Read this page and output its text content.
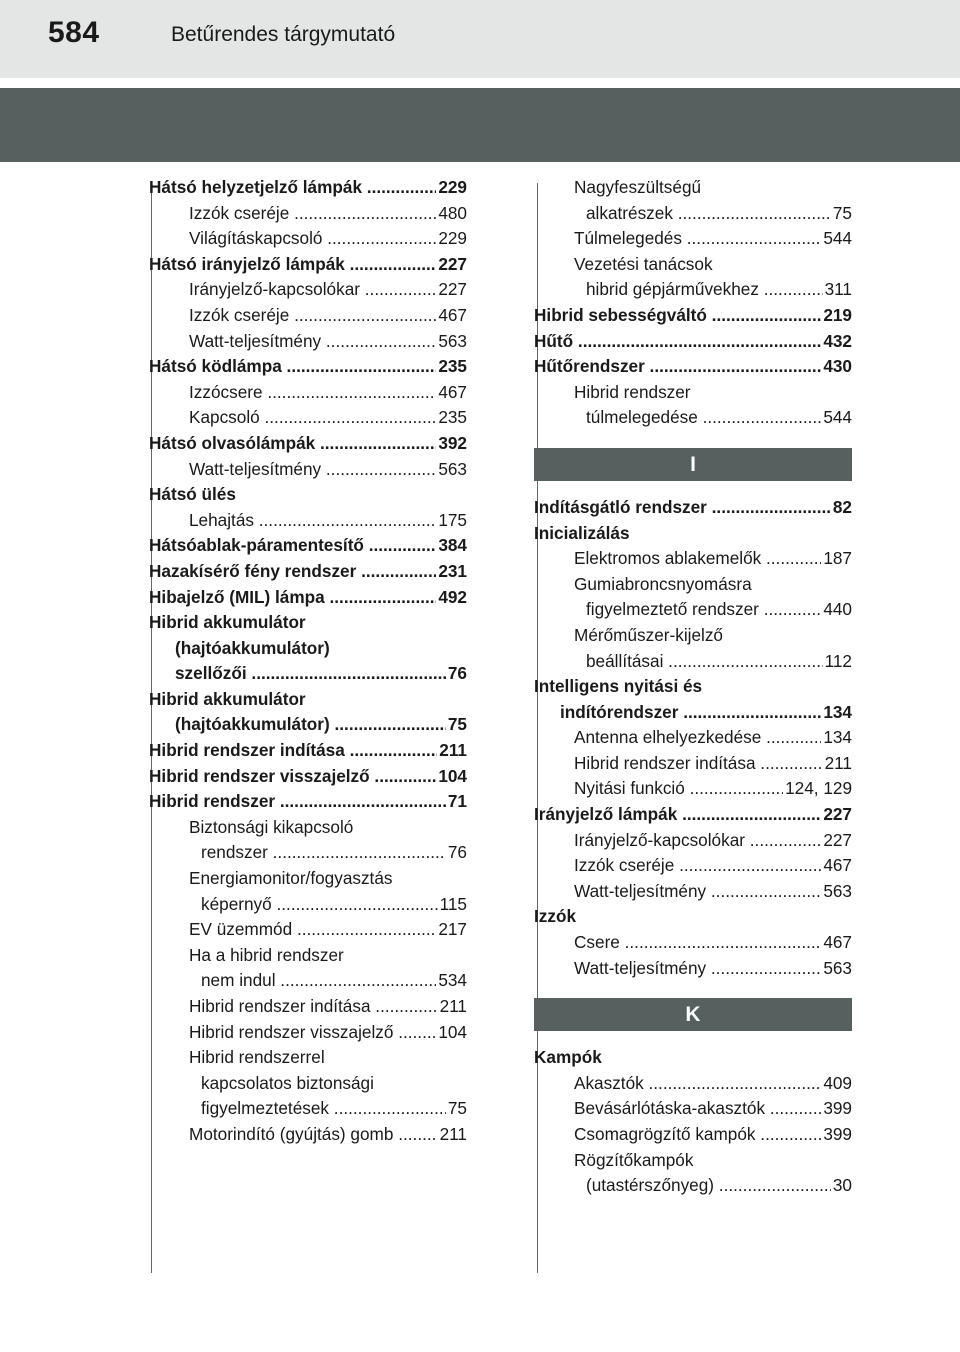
584	Betűrendes tárgymutató
Hátsó helyzetjelző lámpák .....	229
Izzók cseréje .....	480
Világításkapcsoló .....	229
Hátsó irányjelző lámpák .....	227
Irányjelző-kapcsolókar .....	227
Izzók cseréje .....	467
Watt-teljesítmény .....	563
Hátsó ködlámpa .....	235
Izzócsere .....	467
Kapcsoló .....	235
Hátsó olvasólámpák .....	392
Watt-teljesítmény .....	563
Hátsó ülés
Lehajtás .....	175
Hátsóablak-páramentesítő .....	384
Hazakísérő fény rendszer .....	231
Hibajelző (MIL) lámpa .....	492
Hibrid akkumulátor
(hajtóakkumulátor)
szellőzői .....	76
Hibrid akkumulátor
(hajtóakkumulátor) .....	75
Hibrid rendszer indítása .....	211
Hibrid rendszer visszajelző .....	104
Hibrid rendszer .....	71
Biztonsági kikapcsoló
rendszer .....	76
Energiamonitor/fogyasztás
képernyő .....	115
EV üzemmód .....	217
Ha a hibrid rendszer
nem indul .....	534
Hibrid rendszer indítása .....	211
Hibrid rendszer visszajelző .....	104
Hibrid rendszerrel
kapcsolatos biztonsági
figyelmeztetések .....	75
Motorindító (gyújtás) gomb .....	211
Nagyfeszültségű
alkatrészek .....	75
Túlmelegedés .....	544
Vezetési tanácsok
hibrid gépjárművekhez .....	311
Hibrid sebességváltó .....	219
Hűtő .....	432
Hűtőrendszer .....	430
Hibrid rendszer
túlmelegedése .....	544
I
Indításgátló rendszer .....	82
Inicializálás
Elektromos ablakemelők .....	187
Gumiabroncsnyomásra
figyelmeztető rendszer .....	440
Mérőműszer-kijelző
beállításai .....	112
Intelligens nyitási és
indítórendszer .....	134
Antenna elhelyezkedése .....	134
Hibrid rendszer indítása .....	211
Nyitási funkció .....	124, 129
Irányjelző lámpák .....	227
Irányjelző-kapcsolókar .....	227
Izzók cseréje .....	467
Watt-teljesítmény .....	563
Izzók
Csere .....	467
Watt-teljesítmény .....	563
K
Kampók
Akasztók .....	409
Bevásárlótáska-akasztók .....	399
Csomagrögzítő kampók .....	399
Rögzítőkampók
(utastérszőnyeg) .....	30
